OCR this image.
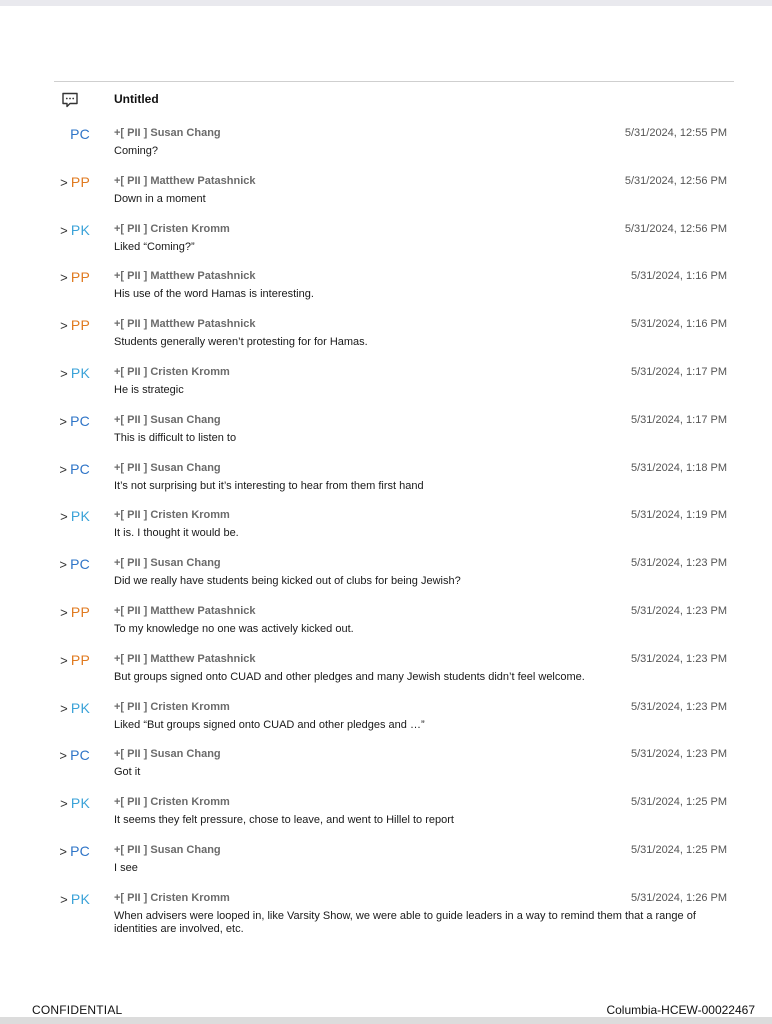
Untitled
PC +[ PII ] Susan Chang	5/31/2024, 12:55 PM
Coming?
> PP +[ PII ] Matthew Patashnick	5/31/2024, 12:56 PM
Down in a moment
> PK +[ PII ] Cristen Kromm	5/31/2024, 12:56 PM
Liked “Coming?”
> PP +[ PII ] Matthew Patashnick	5/31/2024, 1:16 PM
His use of the word Hamas is interesting.
> PP +[ PII ] Matthew Patashnick	5/31/2024, 1:16 PM
Students generally weren’t protesting for for Hamas.
> PK +[ PII ] Cristen Kromm	5/31/2024, 1:17 PM
He is strategic
> PC +[ PII ] Susan Chang	5/31/2024, 1:17 PM
This is difficult to listen to
> PC +[ PII ] Susan Chang	5/31/2024, 1:18 PM
It’s not surprising but it’s interesting to hear from them first hand
> PK +[ PII ] Cristen Kromm	5/31/2024, 1:19 PM
It is. I thought it would be.
> PC +[ PII ] Susan Chang	5/31/2024, 1:23 PM
Did we really have students being kicked out of clubs for being Jewish?
> PP +[ PII ] Matthew Patashnick	5/31/2024, 1:23 PM
To my knowledge no one was actively kicked out.
> PP +[ PII ] Matthew Patashnick	5/31/2024, 1:23 PM
But groups signed onto CUAD and other pledges and many Jewish students didn’t feel welcome.
> PK +[ PII ] Cristen Kromm	5/31/2024, 1:23 PM
Liked “But groups signed onto CUAD and other pledges and …”
> PC +[ PII ] Susan Chang	5/31/2024, 1:23 PM
Got it
> PK +[ PII ] Cristen Kromm	5/31/2024, 1:25 PM
It seems they felt pressure, chose to leave, and went to Hillel to report
> PC +[ PII ] Susan Chang	5/31/2024, 1:25 PM
I see
> PK +[ PII ] Cristen Kromm	5/31/2024, 1:26 PM
When advisers were looped in, like Varsity Show, we were able to guide leaders in a way to remind them that a range of identities are involved, etc.
CONFIDENTIAL	Columbia-HCEW-00022467
